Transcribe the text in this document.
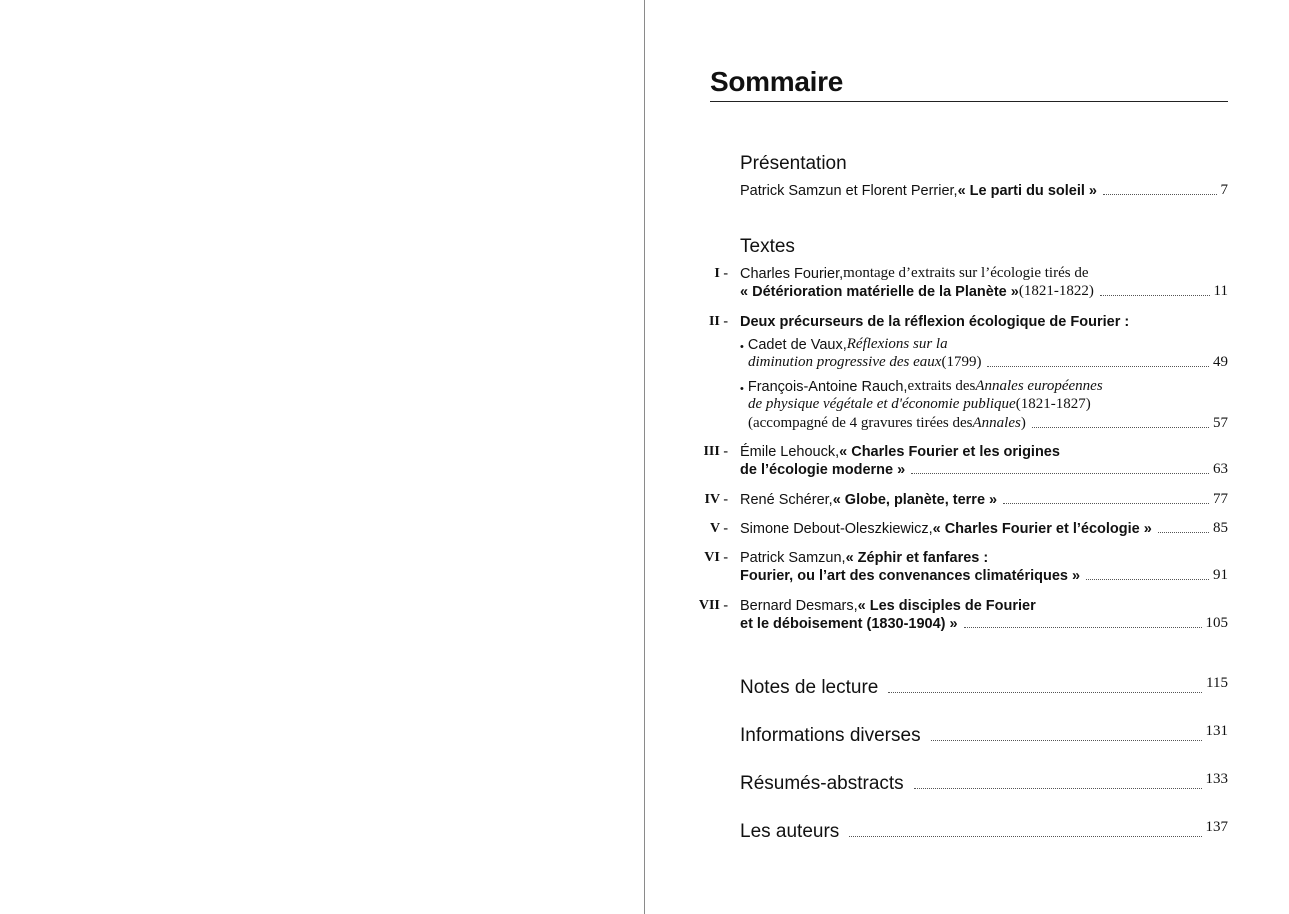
Sommaire
Présentation
Patrick Samzun et Florent Perrier, « Le parti du soleil »	7
Textes
I - Charles Fourier, montage d’extraits sur l’écologie tirés de
« Détérioration matérielle de la Planète » (1821-1822)	11
II - Deux précurseurs de la réflexion écologique de Fourier :
• Cadet de Vaux, Réflexions sur la
diminution progressive des eaux (1799)	49
• François-Antoine Rauch, extraits des Annales européennes
de physique végétale et d'économie publique (1821-1827)
(accompagné de 4 gravures tirées des Annales )	57
III - Émile Lehouck, « Charles Fourier et les origines
de l’écologie moderne »	63
IV - René Schérer, « Globe, planète, terre »	77
V - Simone Debout-Oleszkiewicz, « Charles Fourier et l’écologie »	85
VI - Patrick Samzun, « Zéphir et fanfares :
Fourier, ou l’art des convenances climatériques »	91
VII - Bernard Desmars, « Les disciples de Fourier
et le déboisement (1830-1904) »	105
Notes de lecture	115
Informations diverses	131
Résumés-abstracts	133
Les auteurs	137
